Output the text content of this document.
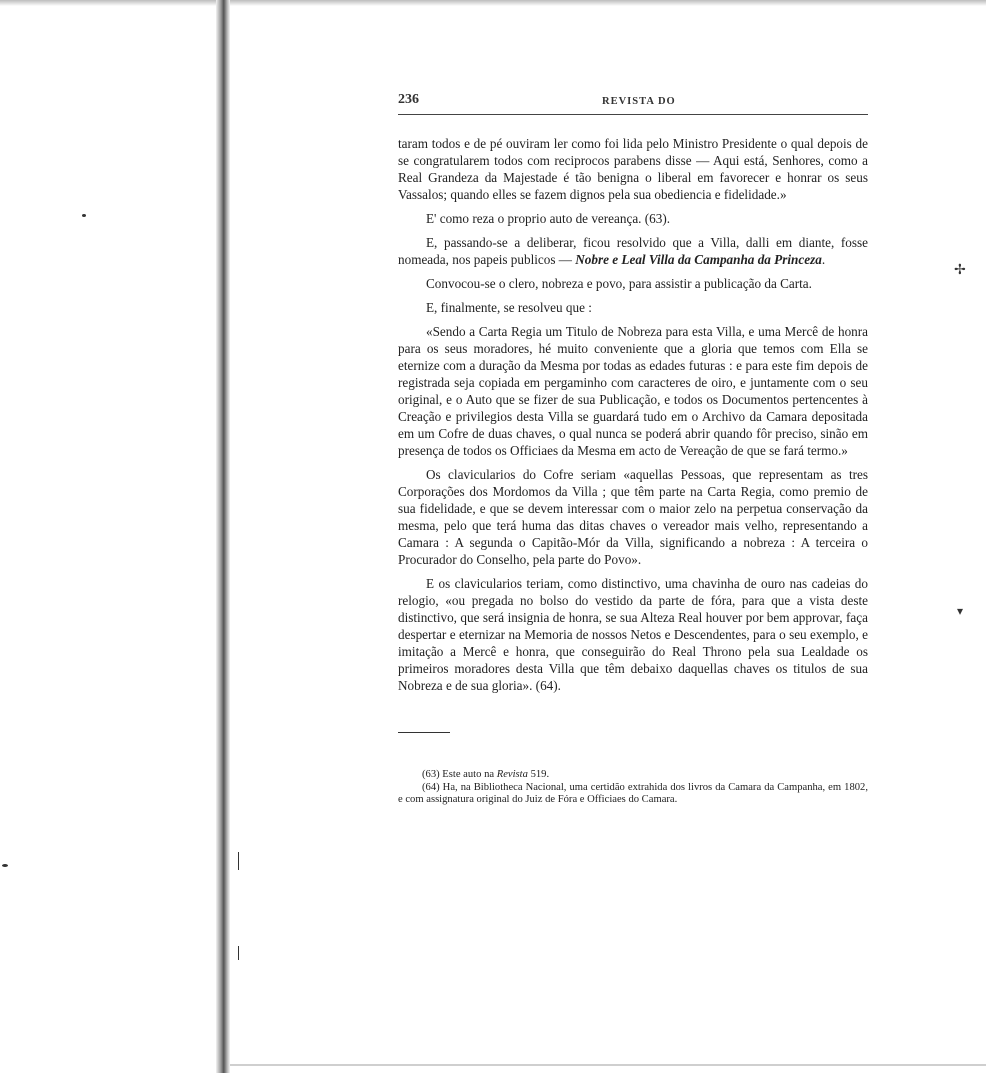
✢
▾
236	REVISTA DO

taram todos e de pé ouviram ler como foi lida pelo Ministro Presidente o qual depois de se congratularem todos com reciprocos parabens disse — Aqui está, Senhores, como a Real Grandeza da Majestade é tão benigna o liberal em favorecer e honrar os seus Vassalos; quando elles se fazem dignos pela sua obediencia e fidelidade.»

E' como reza o proprio auto de vereança. (63).

E, passando-se a deliberar, ficou resolvido que a Villa, dalli em diante, fosse nomeada, nos papeis publicos — Nobre e Leal Villa da Campanha da Princeza.

Convocou-se o clero, nobreza e povo, para assistir a publicação da Carta.

E, finalmente, se resolveu que :

«Sendo a Carta Regia um Titulo de Nobreza para esta Villa, e uma Mercê de honra para os seus moradores, hé muito conveniente que a gloria que temos com Ella se eternize com a duração da Mesma por todas as edades futuras : e para este fim depois de registrada seja copiada em pergaminho com caracteres de oiro, e juntamente com o seu original, e o Auto que se fizer de sua Publicação, e todos os Documentos pertencentes à Creação e privilegios desta Villa se guardará tudo em o Archivo da Camara depositada em um Cofre de duas chaves, o qual nunca se poderá abrir quando fôr preciso, sinão em presença de todos os Officiaes da Mesma em acto de Vereação de que se fará termo.»

Os clavicularios do Cofre seriam «aquellas Pessoas, que representam as tres Corporações dos Mordomos da Villa ; que têm parte na Carta Regia, como premio de sua fidelidade, e que se devem interessar com o maior zelo na perpetua conservação da mesma, pelo que terá huma das ditas chaves o vereador mais velho, representando a Camara : A segunda o Capitão-Mór da Villa, significando a nobreza : A terceira o Procurador do Conselho, pela parte do Povo».

E os clavicularios teriam, como distinctivo, uma chavinha de ouro nas cadeias do relogio, «ou pregada no bolso do vestido da parte de fóra, para que a vista deste distinctivo, que será insignia de honra, se sua Alteza Real houver por bem approvar, faça despertar e eternizar na Memoria de nossos Netos e Descendentes, para o seu exemplo, e imitação a Mercê e honra, que conseguirão do Real Throno pela sua Lealdade os primeiros moradores desta Villa que têm debaixo daquellas chaves os titulos de sua Nobreza e de sua gloria». (64).

(63) Este auto na Revista 519.

(64) Ha, na Bibliotheca Nacional, uma certidão extrahida dos livros da Camara da Campanha, em 1802, e com assignatura original do Juiz de Fóra e Officiaes do Camara.
